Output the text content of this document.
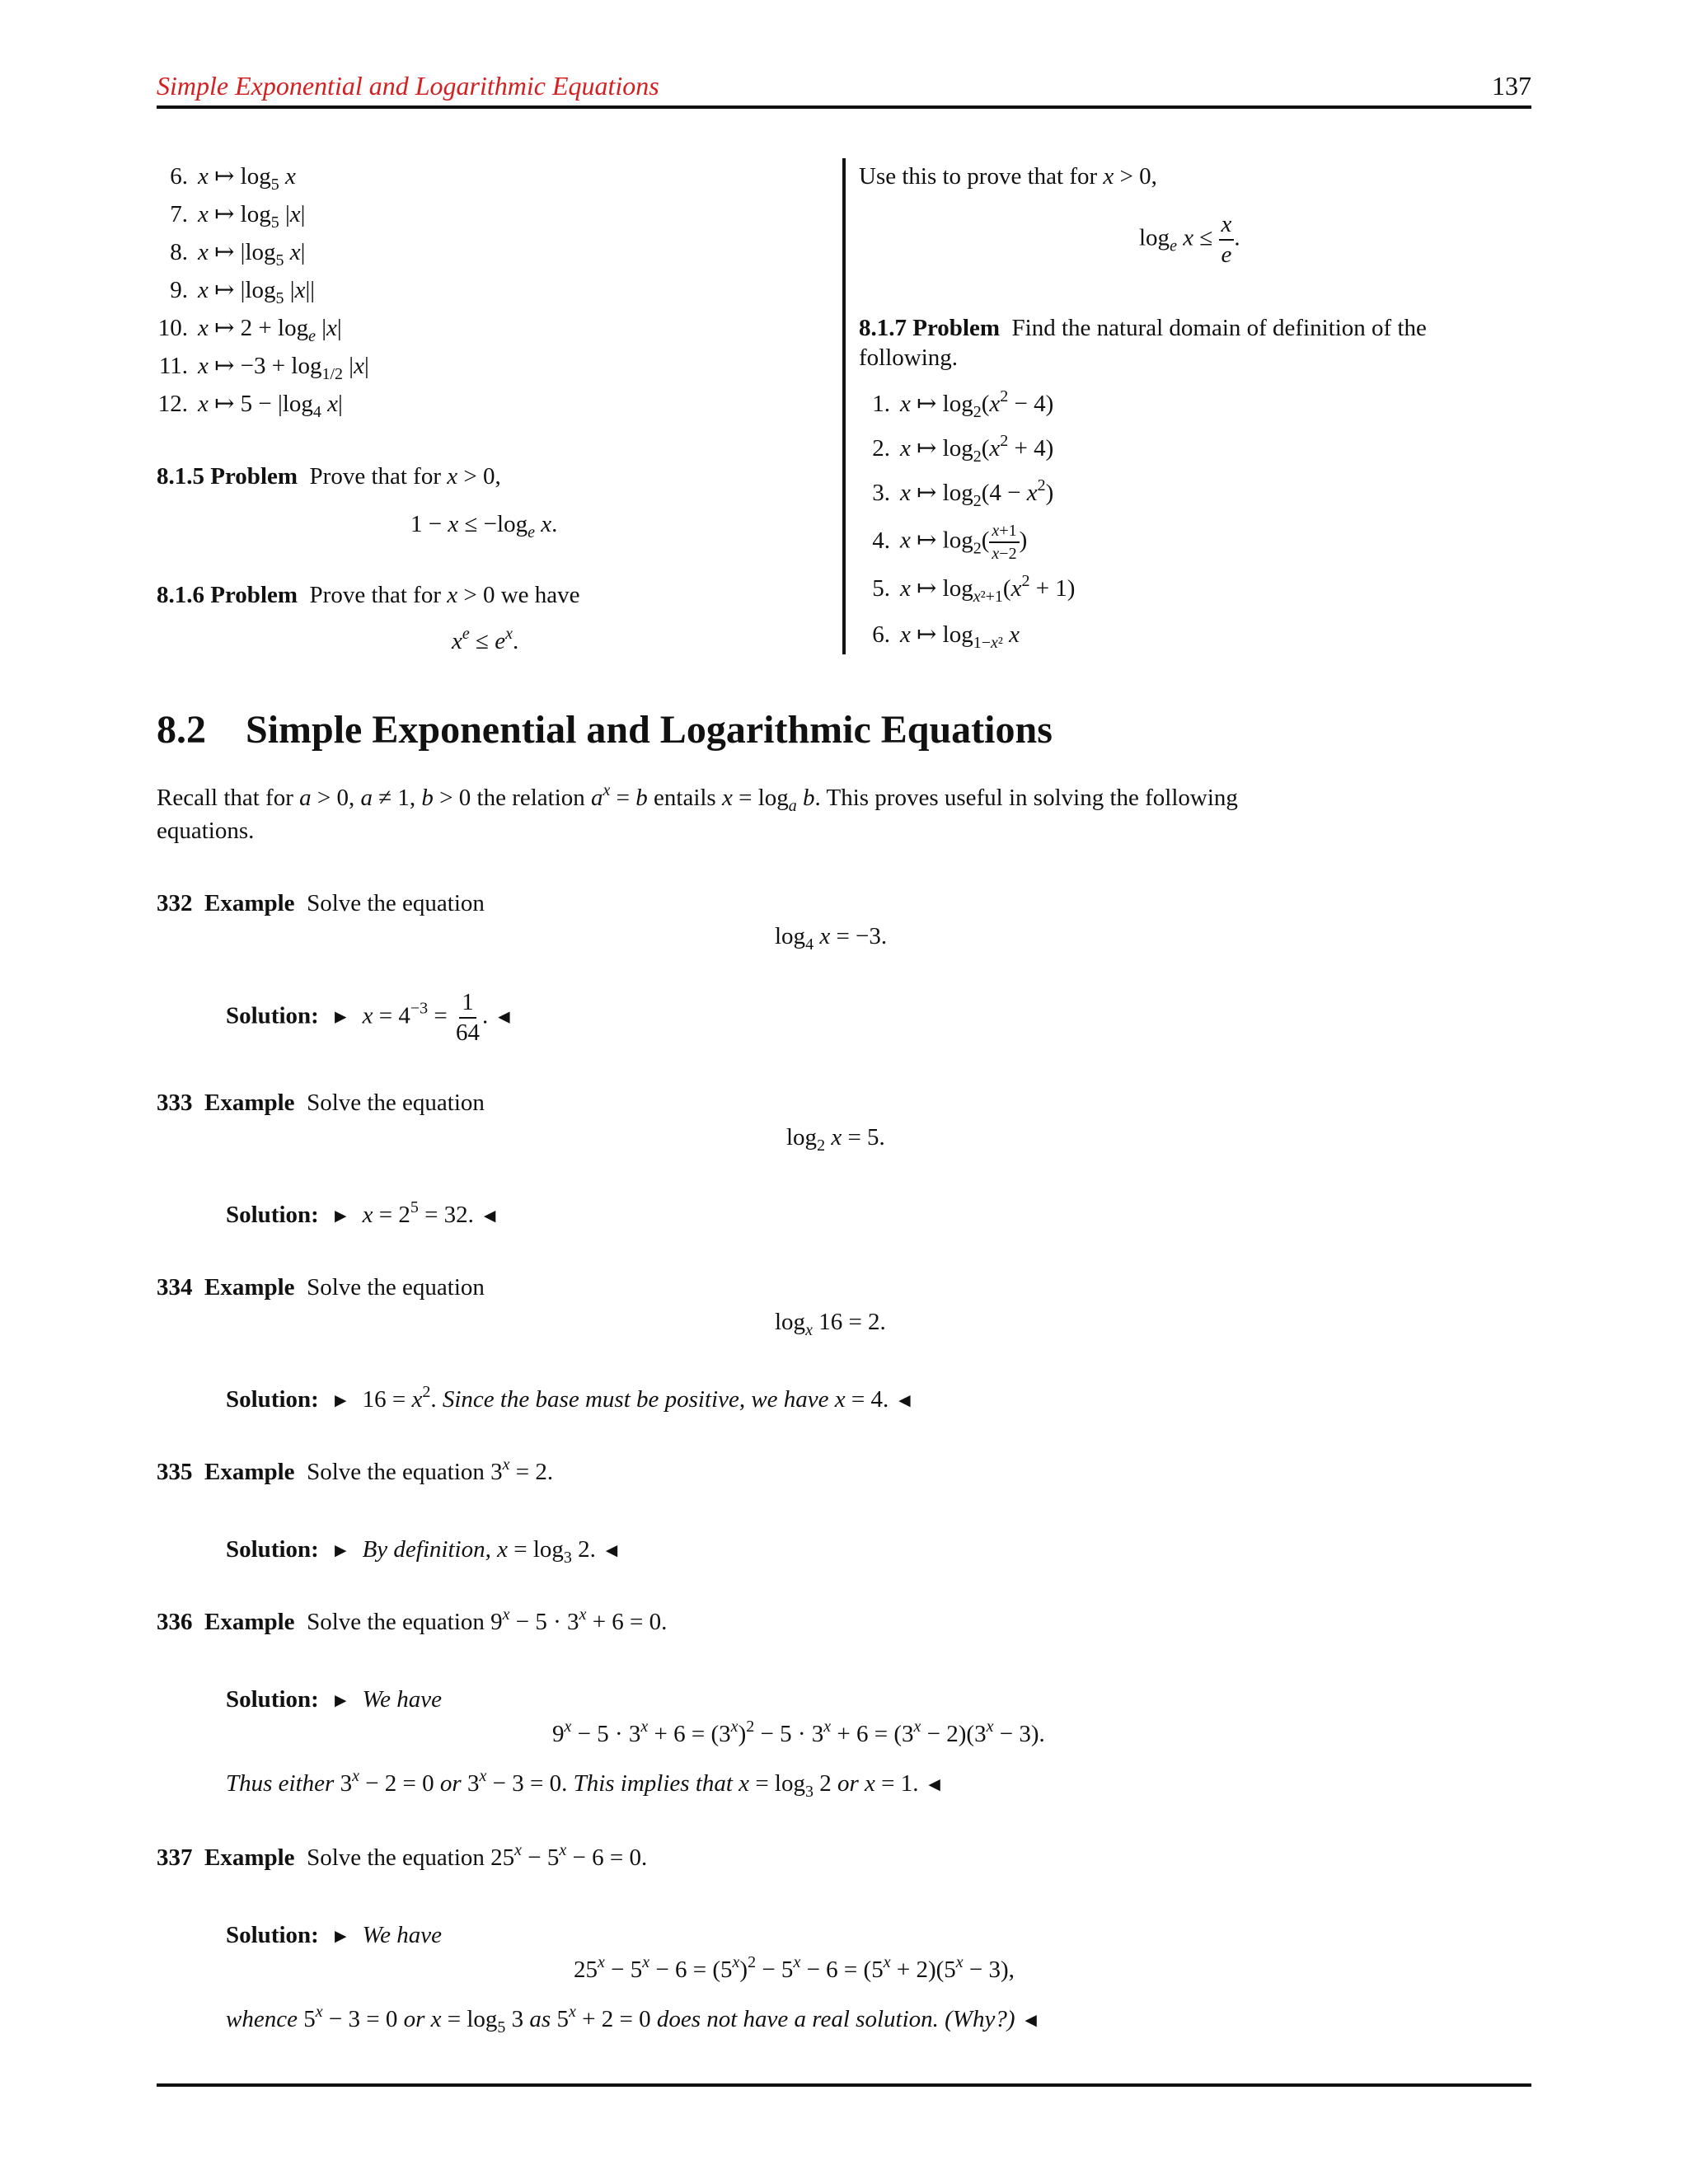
Simple Exponential and Logarithmic Equations	137
6. x ↦ $\log_5 x$
7. x ↦ $\log_5 |x|$
8. x ↦ $|\log_5$ x|
9. x ↦ $|\log_5$ |x||
10. x ↦ $2 + \log_e |x|$
11. x ↦ $-3 + \log_{1/2} |x|$
12. x ↦ $5 - |\log_4$ x|
8.1.5 Problem  Prove that for x > 0,
$1 - x \le -\log_e$ x.
8.1.6 Problem  Prove that for x > 0 we have
$x^e \le e^x$.
Use this to prove that for x > 0,
$\log_e x \le \frac{x}{e}$ .
8.1.7 Problem Find the natural domain of definition of the
following.
1. x ↦ $\log_2(x^2 - 4)$
2. x ↦ $\log_2(x^2 + 4)$
3. x ↦ $\log_2(4 - x^2)$
4. x ↦ $\log_2( \frac{x+1}{x-2}$ )
5. x ↦ $\log_{x^2+1}(x^2 + 1)$
6. x ↦ $\log_{1-x^2} x$
8.2 Simple Exponential and Logarithmic Equations
Recall that for a > 0, a ≠ 1, b > 0 the relation $a^x = b$ entails $x = \log_a b$. This proves useful in solving the following
equations.
332 Example Solve the equation
$\log_4 x = -3$.
Solution: ► $x = 4^{-3} = \frac{1}{64}$ . ◄
333 Example Solve the equation
$\log_2 x = 5$.
Solution: ► $x = 2^5 = 32$. ◄
334 Example Solve the equation
$\log_x 16 = 2$.
Solution: ►  $16 = x^2$. Since the base must be positive, we have x = 4. ◄
335 Example  Solve the equation $3^x = 2$.
Solution: ► By definition, $x = \log_3 2$. ◄
336 Example  Solve the equation $9^x - 5 \cdot 3^x + 6 = 0$.
Solution: ► We have
$9^x - 5 \cdot 3^x + 6 = (3^x)^2 - 5 \cdot 3^x + 6 = (3^x - 2)(3^x - 3)$.
Thus either $3^x - 2 = 0$ or $3^x - 3 = 0$. This implies that $x = \log_3 2$ or x = 1. ◄
337 Example  Solve the equation $25^x - 5^x - 6 = 0$.
Solution: ► We have
$25^x - 5^x - 6 = (5^x)^2 - 5^x - 6 = (5^x + 2)(5^x - 3)$,
whence $5^x - 3 = 0$ or $x = \log_5 3$ as $5^x + 2 = 0$ does not have a real solution. (Why?) ◄
